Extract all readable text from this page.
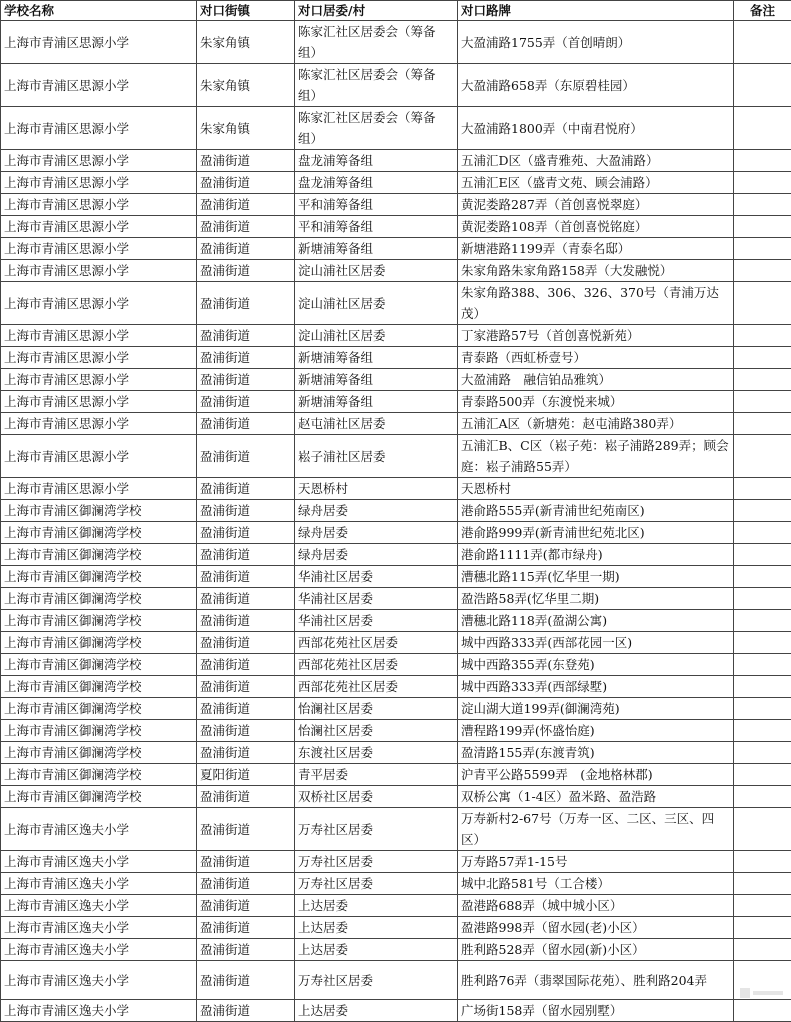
学校名称	对口街镇	对口居委/村	对口路牌	备注
上海市青浦区思源小学	朱家角镇	陈家汇社区居委会（筹备组）	大盈浦路1755弄（首创晴朗）	
上海市青浦区思源小学	朱家角镇	陈家汇社区居委会（筹备组）	大盈浦路658弄（东原碧桂园）	
上海市青浦区思源小学	朱家角镇	陈家汇社区居委会（筹备组）	大盈浦路1800弄（中南君悦府）	
上海市青浦区思源小学	盈浦街道	盘龙浦筹备组	五浦汇D区（盛青雅苑、大盈浦路）	
上海市青浦区思源小学	盈浦街道	盘龙浦筹备组	五浦汇E区（盛青文苑、顾会浦路）	
上海市青浦区思源小学	盈浦街道	平和浦筹备组	黄泥娄路287弄（首创喜悦翠庭）	
上海市青浦区思源小学	盈浦街道	平和浦筹备组	黄泥娄路108弄（首创喜悦铭庭）	
上海市青浦区思源小学	盈浦街道	新塘浦筹备组	新塘港路1199弄（青泰名邸）	
上海市青浦区思源小学	盈浦街道	淀山浦社区居委	朱家角路朱家角路158弄（大发融悦）	
上海市青浦区思源小学	盈浦街道	淀山浦社区居委	朱家角路388、306、326、370号（青浦万达茂）	
上海市青浦区思源小学	盈浦街道	淀山浦社区居委	丁家港路57号（首创喜悦新苑）	
上海市青浦区思源小学	盈浦街道	新塘浦筹备组	青泰路（西虹桥壹号）	
上海市青浦区思源小学	盈浦街道	新塘浦筹备组	大盈浦路　融信铂品雅筑）	
上海市青浦区思源小学	盈浦街道	新塘浦筹备组	青泰路500弄（东渡悦来城）	
上海市青浦区思源小学	盈浦街道	赵屯浦社区居委	五浦汇A区（新塘苑：赵屯浦路380弄）	
上海市青浦区思源小学	盈浦街道	崧子浦社区居委	五浦汇B、C区（崧子苑：崧子浦路289弄；顾会庭：崧子浦路55弄）	
上海市青浦区思源小学	盈浦街道	天恩桥村	天恩桥村	
上海市青浦区御澜湾学校	盈浦街道	绿舟居委	港俞路555弄(新青浦世纪苑南区)	
上海市青浦区御澜湾学校	盈浦街道	绿舟居委	港俞路999弄(新青浦世纪苑北区)	
上海市青浦区御澜湾学校	盈浦街道	绿舟居委	港俞路1111弄(都市绿舟)	
上海市青浦区御澜湾学校	盈浦街道	华浦社区居委	漕穗北路115弄(忆华里一期)	
上海市青浦区御澜湾学校	盈浦街道	华浦社区居委	盈浩路58弄(忆华里二期)	
上海市青浦区御澜湾学校	盈浦街道	华浦社区居委	漕穗北路118弄(盈湖公寓)	
上海市青浦区御澜湾学校	盈浦街道	西部花苑社区居委	城中西路333弄(西部花园一区)	
上海市青浦区御澜湾学校	盈浦街道	西部花苑社区居委	城中西路355弄(东登苑)	
上海市青浦区御澜湾学校	盈浦街道	西部花苑社区居委	城中西路333弄(西部绿墅)	
上海市青浦区御澜湾学校	盈浦街道	怡澜社区居委	淀山湖大道199弄(御澜湾苑)	
上海市青浦区御澜湾学校	盈浦街道	怡澜社区居委	漕程路199弄(怀盛怡庭)	
上海市青浦区御澜湾学校	盈浦街道	东渡社区居委	盈清路155弄(东渡青筑)	
上海市青浦区御澜湾学校	夏阳街道	青平居委	沪青平公路5599弄　(金地格林郡)	
上海市青浦区御澜湾学校	盈浦街道	双桥社区居委	双桥公寓（1-4区）盈米路、盈浩路	
上海市青浦区逸夫小学	盈浦街道	万寿社区居委	万寿新村2-67号（万寿一区、二区、三区、四区）	
上海市青浦区逸夫小学	盈浦街道	万寿社区居委	万寿路57弄1-15号	
上海市青浦区逸夫小学	盈浦街道	万寿社区居委	城中北路581号（工合楼）	
上海市青浦区逸夫小学	盈浦街道	上达居委	盈港路688弄（城中城小区）	
上海市青浦区逸夫小学	盈浦街道	上达居委	盈港路998弄（留水园(老)小区）	
上海市青浦区逸夫小学	盈浦街道	上达居委	胜利路528弄（留水园(新)小区）	
上海市青浦区逸夫小学	盈浦街道	万寿社区居委	胜利路76弄（翡翠国际花苑）、胜利路204弄	
上海市青浦区逸夫小学	盈浦街道	上达居委	广场街158弄（留水园别墅）	
